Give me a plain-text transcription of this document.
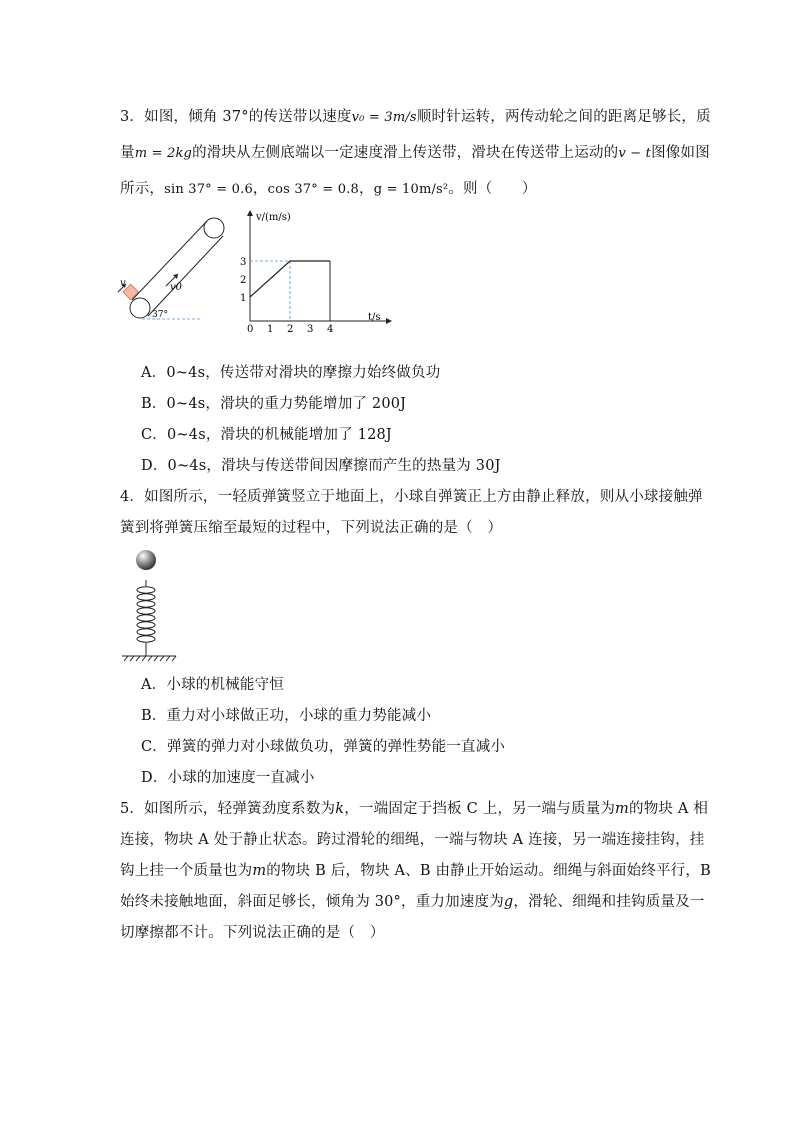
3．如图，倾角 37°的传送带以速度v₀ = 3m/s顺时针运转，两传动轮之间的距离足够长，质
量m = 2kg的滑块从左侧底端以一定速度滑上传送带，滑块在传送带上运动的v − t图像如图
所示，sin 37° = 0.6，cos 37° = 0.8，g = 10m/s²。则（　　）
v	v0
37°
v/(m/s)
t/s
1
2
3
0 1 2 3 4
A．0~4s，传送带对滑块的摩擦力始终做负功
B．0~4s，滑块的重力势能增加了 200J
C．0~4s，滑块的机械能增加了 128J
D．0~4s，滑块与传送带间因摩擦而产生的热量为 30J
4．如图所示，一轻质弹簧竖立于地面上，小球自弹簧正上方由静止释放，则从小球接触弹
簧到将弹簧压缩至最短的过程中，下列说法正确的是（　）
A．小球的机械能守恒
B．重力对小球做正功，小球的重力势能减小
C．弹簧的弹力对小球做负功，弹簧的弹性势能一直减小
D．小球的加速度一直减小
5．如图所示，轻弹簧劲度系数为k，一端固定于挡板 C 上，另一端与质量为m的物块 A 相
连接，物块 A 处于静止状态。跨过滑轮的细绳，一端与物块 A 连接，另一端连接挂钩，挂
钩上挂一个质量也为m的物块 B 后，物块 A、B 由静止开始运动。细绳与斜面始终平行，B
始终未接触地面，斜面足够长，倾角为 30°，重力加速度为g，滑轮、细绳和挂钩质量及一
切摩擦都不计。下列说法正确的是（　）
